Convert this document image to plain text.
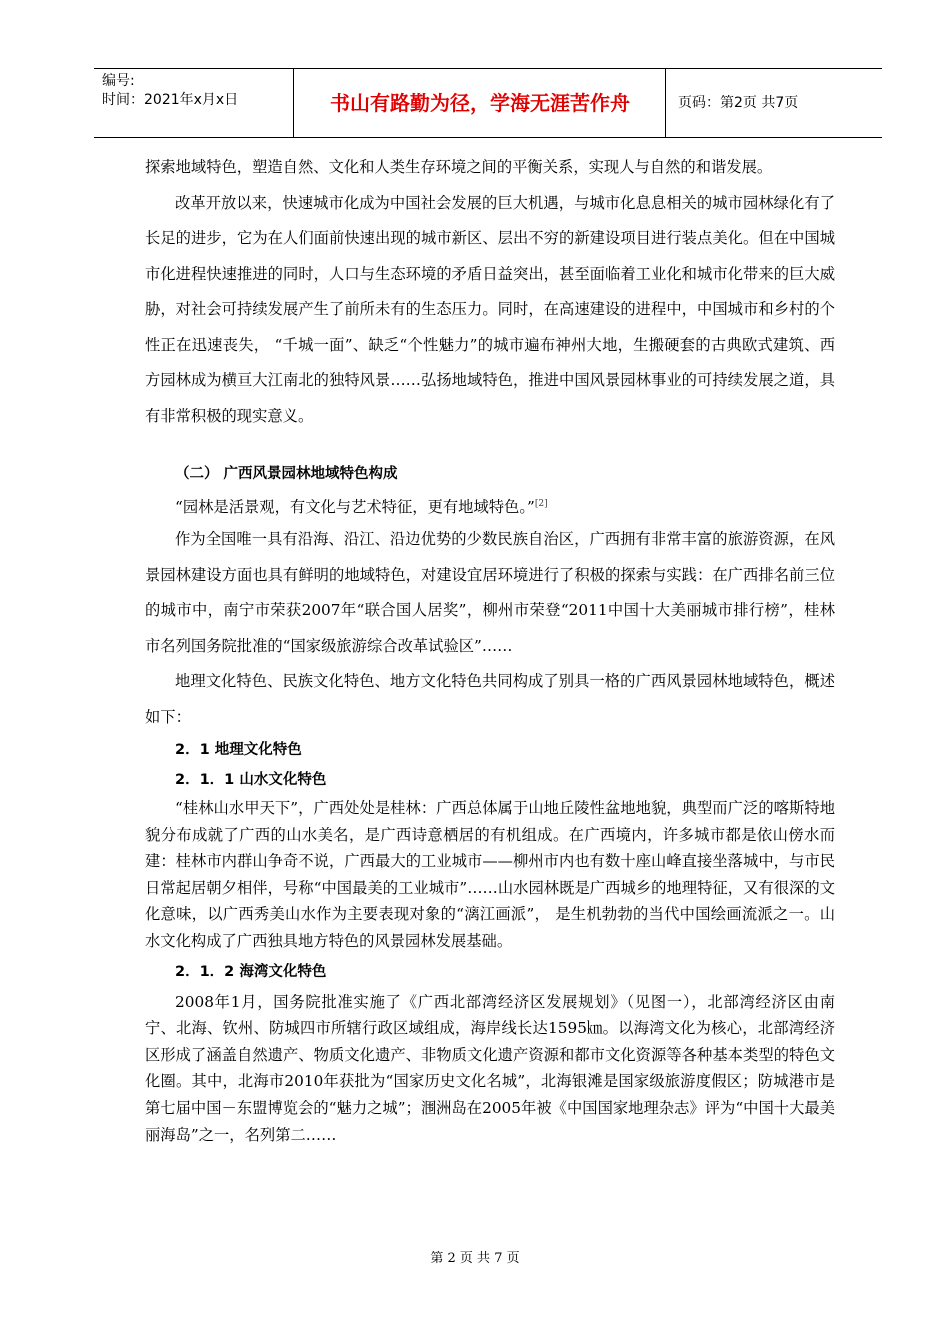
编号:
时间：2021年x月x日	书山有路勤为径，学海无涯苦作舟	页码：第2页 共7页

探索地域特色，塑造自然、文化和人类生存环境之间的平衡关系，实现人与自然的和谐发展。

改革开放以来，快速城市化成为中国社会发展的巨大机遇，与城市化息息相关的城市园林绿化有了长足的进步，它为在人们面前快速出现的城市新区、层出不穷的新建设项目进行装点美化。但在中国城市化进程快速推进的同时，人口与生态环境的矛盾日益突出，甚至面临着工业化和城市化带来的巨大威胁，对社会可持续发展产生了前所未有的生态压力。同时，在高速建设的进程中，中国城市和乡村的个性正在迅速丧失， “千城一面”、缺乏“个性魅力”的城市遍布神州大地，生搬硬套的古典欧式建筑、西方园林成为横亘大江南北的独特风景……弘扬地域特色，推进中国风景园林事业的可持续发展之道，具有非常积极的现实意义。

（二） 广西风景园林地域特色构成

“园林是活景观，有文化与艺术特征，更有地域特色。”[2]

作为全国唯一具有沿海、沿江、沿边优势的少数民族自治区，广西拥有非常丰富的旅游资源，在风景园林建设方面也具有鲜明的地域特色，对建设宜居环境进行了积极的探索与实践：在广西排名前三位的城市中，南宁市荣获2007年“联合国人居奖”，柳州市荣登“2011中国十大美丽城市排行榜”，桂林市名列国务院批准的“国家级旅游综合改革试验区”……

地理文化特色、民族文化特色、地方文化特色共同构成了别具一格的广西风景园林地域特色，概述如下：

2．1 地理文化特色

2．1．1 山水文化特色

“桂林山水甲天下”，广西处处是桂林：广西总体属于山地丘陵性盆地地貌，典型而广泛的喀斯特地貌分布成就了广西的山水美名，是广西诗意栖居的有机组成。在广西境内，许多城市都是依山傍水而建：桂林市内群山争奇不说，广西最大的工业城市——柳州市内也有数十座山峰直接坐落城中，与市民日常起居朝夕相伴，号称“中国最美的工业城市”……山水园林既是广西城乡的地理特征，又有很深的文化意味，以广西秀美山水作为主要表现对象的“漓江画派”， 是生机勃勃的当代中国绘画流派之一。山水文化构成了广西独具地方特色的风景园林发展基础。

2．1．2 海湾文化特色

2008年1月，国务院批准实施了《广西北部湾经济区发展规划》（见图一），北部湾经济区由南宁、北海、钦州、防城四市所辖行政区域组成，海岸线长达1595㎞。以海湾文化为核心，北部湾经济区形成了涵盖自然遗产、物质文化遗产、非物质文化遗产资源和都市文化资源等各种基本类型的特色文化圈。其中，北海市2010年获批为“国家历史文化名城”，北海银滩是国家级旅游度假区；防城港市是第七届中国－东盟博览会的“魅力之城”；涠洲岛在2005年被《中国国家地理杂志》评为“中国十大最美丽海岛”之一，名列第二……

第 2 页 共 7 页
